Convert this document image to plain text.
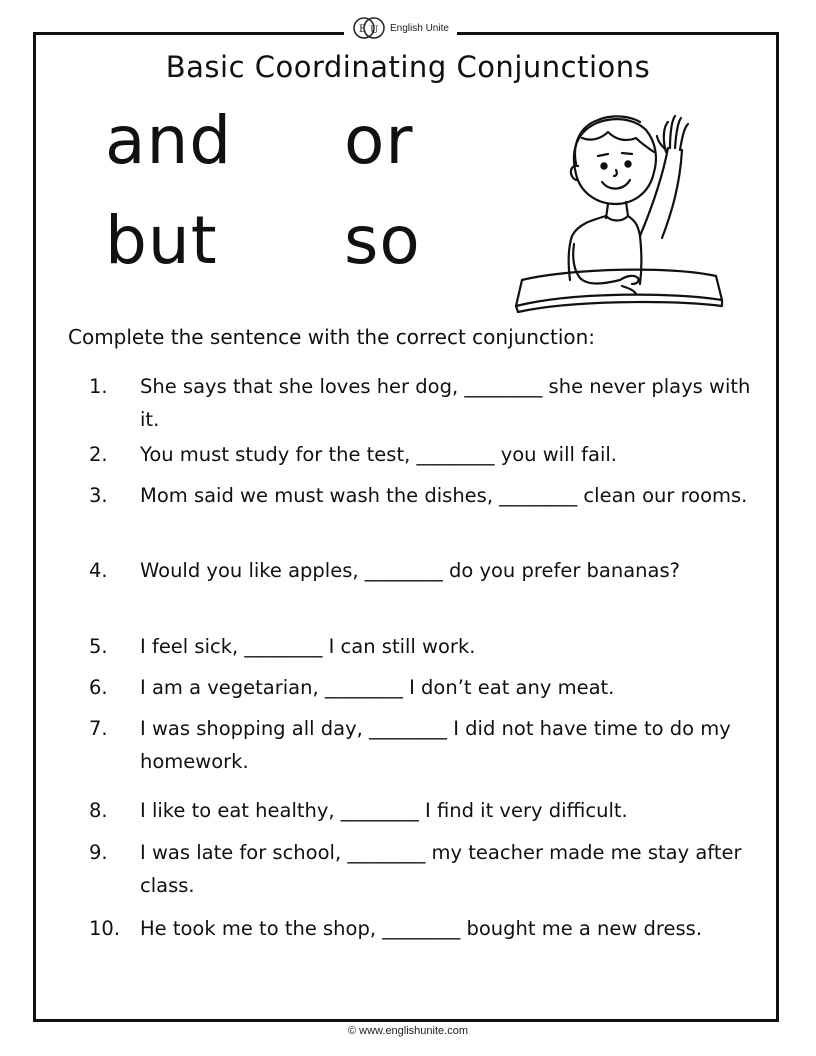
E U English Unite
Basic Coordinating Conjunctions
and or
but so
Complete the sentence with the correct conjunction:
1.	She says that she loves her dog, ________ she never plays with it.
2.	You must study for the test, ________ you will fail.
3.	Mom said we must wash the dishes, ________ clean our rooms.
4.	Would you like apples, ________ do you prefer bananas?
5.	I feel sick, ________ I can still work.
6.	I am a vegetarian, ________ I don’t eat any meat.
7.	I was shopping all day, ________ I did not have time to do my homework.
8.	I like to eat healthy, ________ I find it very difficult.
9.	I was late for school, ________ my teacher made me stay after class.
10.	He took me to the shop, ________ bought me a new dress.
© www.englishunite.com
